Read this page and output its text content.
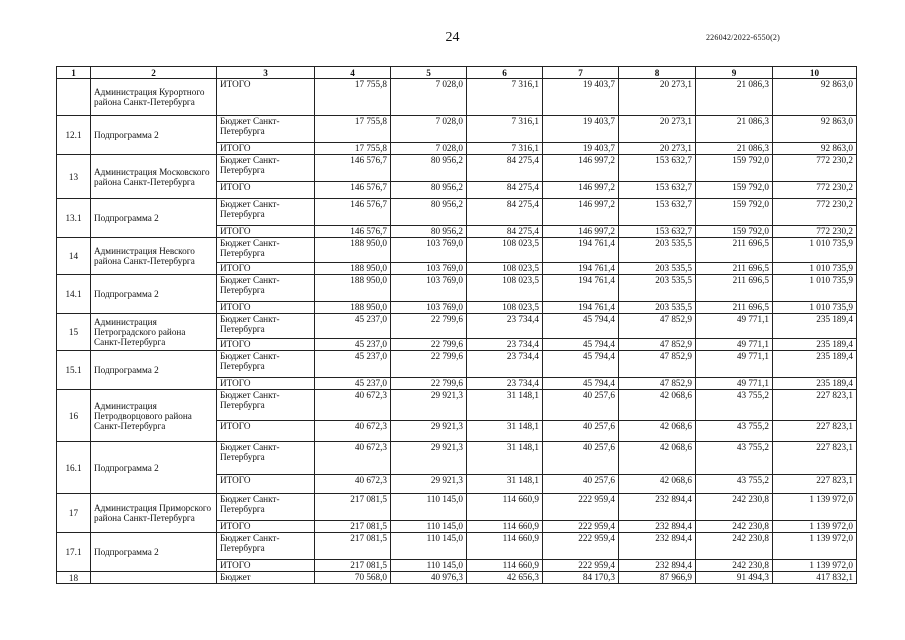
24	226042/2022-6550(2)
1	2	3	4	5	6	7	8	9	10
	Администрация Курортного района Санкт-Петербурга	ИТОГО	17 755,8	7 028,0	7 316,1	19 403,7	20 273,1	21 086,3	92 863,0
12.1	Подпрограмма 2	Бюджет Санкт-Петербурга	17 755,8	7 028,0	7 316,1	19 403,7	20 273,1	21 086,3	92 863,0
		ИТОГО	17 755,8	7 028,0	7 316,1	19 403,7	20 273,1	21 086,3	92 863,0
13	Администрация Московского района Санкт-Петербурга	Бюджет Санкт-Петербурга	146 576,7	80 956,2	84 275,4	146 997,2	153 632,7	159 792,0	772 230,2
		ИТОГО	146 576,7	80 956,2	84 275,4	146 997,2	153 632,7	159 792,0	772 230,2
13.1	Подпрограмма 2	Бюджет Санкт-Петербурга	146 576,7	80 956,2	84 275,4	146 997,2	153 632,7	159 792,0	772 230,2
		ИТОГО	146 576,7	80 956,2	84 275,4	146 997,2	153 632,7	159 792,0	772 230,2
14	Администрация Невского района Санкт-Петербурга	Бюджет Санкт-Петербурга	188 950,0	103 769,0	108 023,5	194 761,4	203 535,5	211 696,5	1 010 735,9
		ИТОГО	188 950,0	103 769,0	108 023,5	194 761,4	203 535,5	211 696,5	1 010 735,9
14.1	Подпрограмма 2	Бюджет Санкт-Петербурга	188 950,0	103 769,0	108 023,5	194 761,4	203 535,5	211 696,5	1 010 735,9
		ИТОГО	188 950,0	103 769,0	108 023,5	194 761,4	203 535,5	211 696,5	1 010 735,9
15	Администрация Петроградского района Санкт-Петербурга	Бюджет Санкт-Петербурга	45 237,0	22 799,6	23 734,4	45 794,4	47 852,9	49 771,1	235 189,4
		ИТОГО	45 237,0	22 799,6	23 734,4	45 794,4	47 852,9	49 771,1	235 189,4
15.1	Подпрограмма 2	Бюджет Санкт-Петербурга	45 237,0	22 799,6	23 734,4	45 794,4	47 852,9	49 771,1	235 189,4
		ИТОГО	45 237,0	22 799,6	23 734,4	45 794,4	47 852,9	49 771,1	235 189,4
16	Администрация Петродворцового района Санкт-Петербурга	Бюджет Санкт-Петербурга	40 672,3	29 921,3	31 148,1	40 257,6	42 068,6	43 755,2	227 823,1
		ИТОГО	40 672,3	29 921,3	31 148,1	40 257,6	42 068,6	43 755,2	227 823,1
16.1	Подпрограмма 2	Бюджет Санкт-Петербурга	40 672,3	29 921,3	31 148,1	40 257,6	42 068,6	43 755,2	227 823,1
		ИТОГО	40 672,3	29 921,3	31 148,1	40 257,6	42 068,6	43 755,2	227 823,1
17	Администрация Приморского района Санкт-Петербурга	Бюджет Санкт-Петербурга	217 081,5	110 145,0	114 660,9	222 959,4	232 894,4	242 230,8	1 139 972,0
		ИТОГО	217 081,5	110 145,0	114 660,9	222 959,4	232 894,4	242 230,8	1 139 972,0
17.1	Подпрограмма 2	Бюджет Санкт-Петербурга	217 081,5	110 145,0	114 660,9	222 959,4	232 894,4	242 230,8	1 139 972,0
		ИТОГО	217 081,5	110 145,0	114 660,9	222 959,4	232 894,4	242 230,8	1 139 972,0
18		Бюджет	70 568,0	40 976,3	42 656,3	84 170,3	87 966,9	91 494,3	417 832,1
